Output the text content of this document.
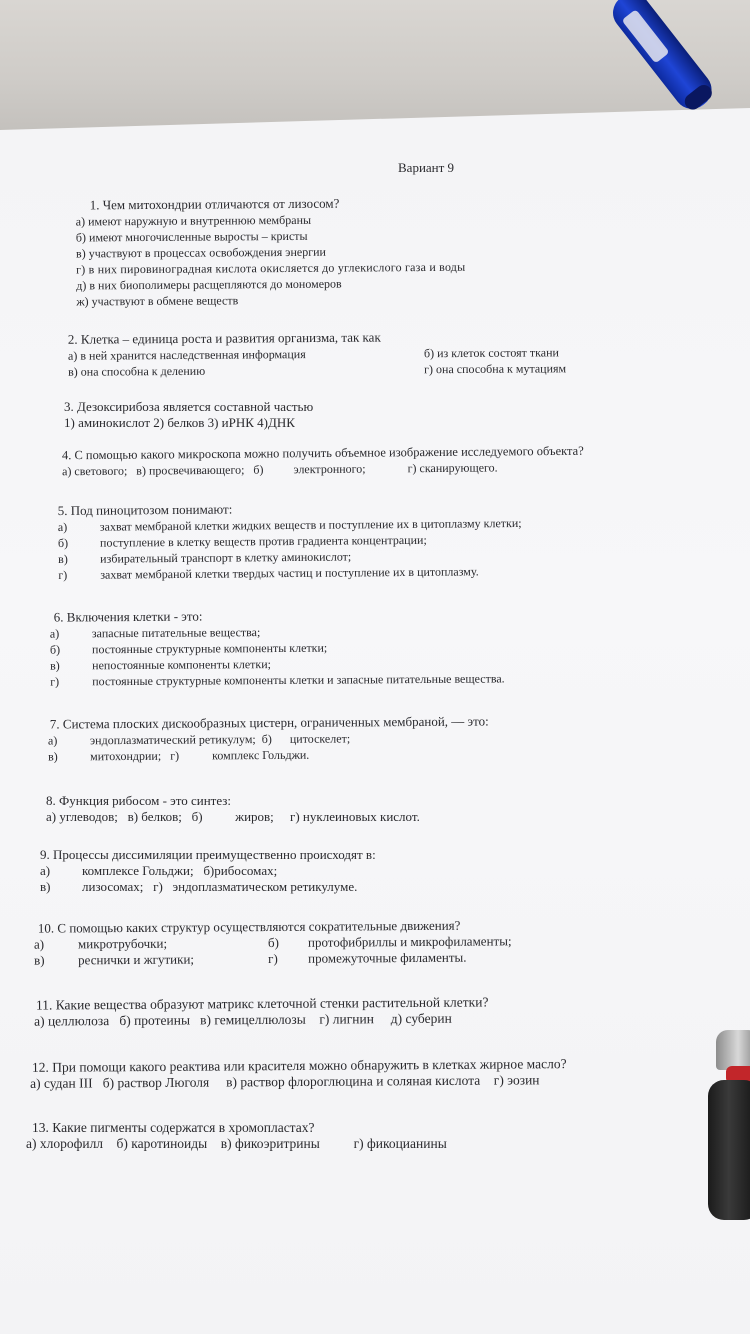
Вариант 9
1. Чем митохондрии отличаются от лизосом?
а) имеют наружную и внутреннюю мембраны
б) имеют многочисленные выросты – кристы
в) участвуют в процессах освобождения энергии
г) в них пировиноградная кислота окисляется до углекислого газа и воды
д) в них биополимеры расщепляются до мономеров
ж) участвуют в обмене веществ
2. Клетка – единица роста и развития организма, так как
а) в ней хранится наследственная информация	б) из клеток состоят ткани
в) она способна к делению	г) она способна к мутациям
3. Дезоксирибоза является составной частью
1) аминокислот 2) белков 3) иРНК 4)ДНК
4. С помощью какого микроскопа можно получить объемное изображение исследуемого объекта?
а) светового;   в) просвечивающего;   б)          электронного;              г) сканирующего.
5. Под пиноцитозом понимают:
а)	захват мембраной клетки жидких веществ и поступление их в цитоплазму клетки;
б)	поступление в клетку веществ против градиента концентрации;
в)	избирательный транспорт в клетку аминокислот;
г)	захват мембраной клетки твердых частиц и поступление их в цитоплазму.
6. Включения клетки - это:
а)	запасные питательные вещества;
б)	постоянные структурные компоненты клетки;
в)	непостоянные компоненты клетки;
г)	постоянные структурные компоненты клетки и запасные питательные вещества.
7. Система плоских дискообразных цистерн, ограниченных мембраной, — это:
а)	эндоплазматический ретикулум;  б)      цитоскелет;
в)	митохондрии;   г)           комплекс Гольджи.
8. Функция рибосом - это синтез:
а) углеводов;   в) белков;   б)          жиров;     г) нуклеиновых кислот.
9. Процессы диссимиляции преимущественно происходят в:
а)	комплексе Гольджи;   б)рибосомах;
в)	лизосомах;   г)   эндоплазматическом ретикулуме.
10. С помощью каких структур осуществляются сократительные движения?
а)	микротрубочки;	б)	протофибриллы и микрофиламенты;
в)	реснички и жгутики;	г)	промежуточные филаменты.
11. Какие вещества образуют матрикс клеточной стенки растительной клетки?
а) целлюлоза   б) протеины   в) гемицеллюлозы    г) лигнин     д) суберин
12. При помощи какого реактива или красителя можно обнаружить в клетках жирное масло?
а) судан III   б) раствор Люголя     в) раствор флороглюцина и соляная кислота    г) эозин
13. Какие пигменты содержатся в хромопластах?
а) хлорофилл    б) каротиноиды    в) фикоэритрины          г) фикоцианины
